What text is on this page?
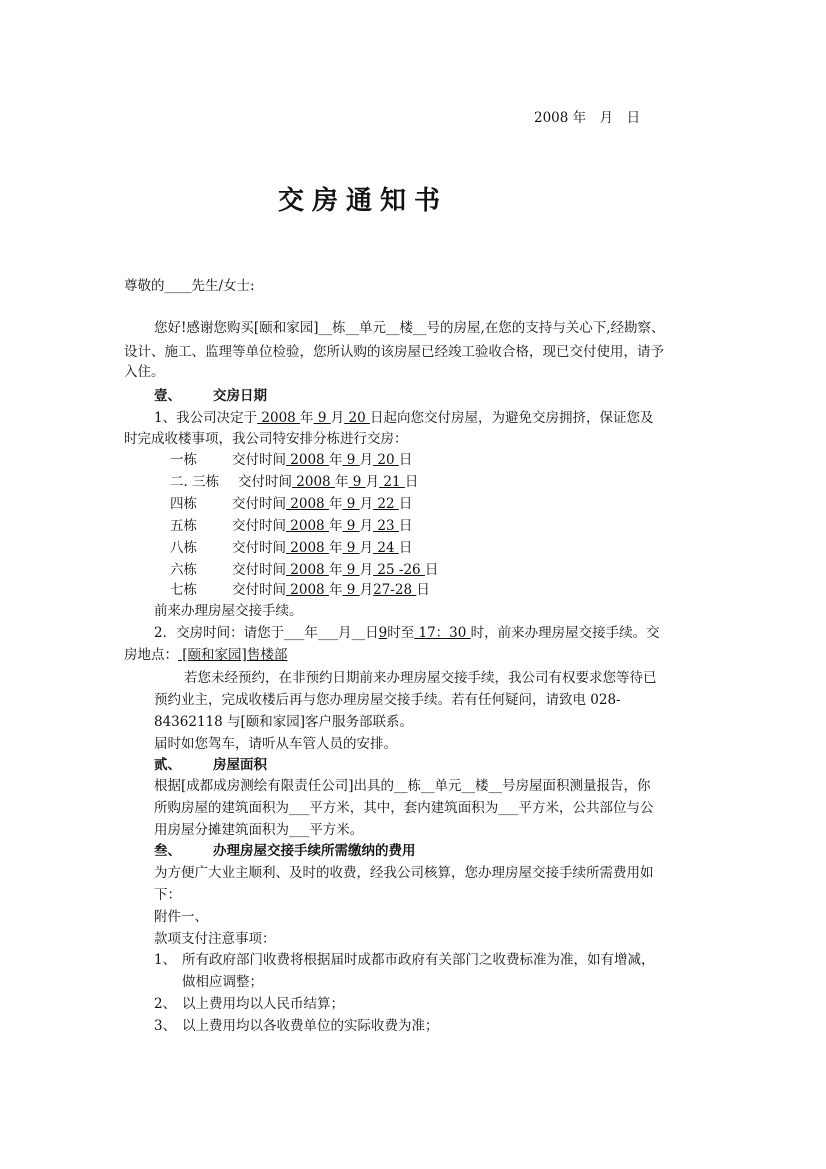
2008 年　月　日
交房通知书
尊敬的____先生/女士:
您好!感谢您购买[颐和家园]__栋__单元__楼__号的房屋,在您的支持与关心下,经勘察、
设计、施工、监理等单位检验，您所认购的该房屋已经竣工验收合格，现已交付使用，请予
入住。
壹、 交房日期
1、我公司决定于 2008 年 9 月 20 日起向您交付房屋，为避免交房拥挤，保证您及
时完成收楼事项，我公司特安排分栋进行交房：
一栋	交付时间 2008 年 9 月 20 日
二. 三栋 交付时间 2008 年 9 月 21 日
四栋	交付时间 2008 年 9 月 22 日
五栋	交付时间 2008 年 9 月 23 日
八栋	交付时间 2008 年 9 月 24 日
六栋	交付时间 2008 年 9 月 25 -26 日
七栋	交付时间 2008 年 9 月27-28 日
前来办理房屋交接手续。
2．交房时间：请您于___年___月__日9时至 17：30 时，前来办理房屋交接手续。交
房地点： [颐和家园]售楼部
若您未经预约，在非预约日期前来办理房屋交接手续，我公司有权要求您等待已
预约业主，完成收楼后再与您办理房屋交接手续。若有任何疑问，请致电 028-
84362118 与[颐和家园]客户服务部联系。
届时如您驾车，请听从车管人员的安排。
贰、 房屋面积
根据[成都成房测绘有限责任公司]出具的__栋__单元__楼__号房屋面积测量报告，你
所购房屋的建筑面积为___平方米，其中，套内建筑面积为___平方米，公共部位与公
用房屋分摊建筑面积为___平方米。
叁、 办理房屋交接手续所需缴纳的费用
为方便广大业主顺利、及时的收费，经我公司核算，您办理房屋交接手续所需费用如
下：
附件一、
款项支付注意事项：
1、 所有政府部门收费将根据届时成都市政府有关部门之收费标准为准，如有增减，
做相应调整；
2、 以上费用均以人民币结算；
3、 以上费用均以各收费单位的实际收费为准；
